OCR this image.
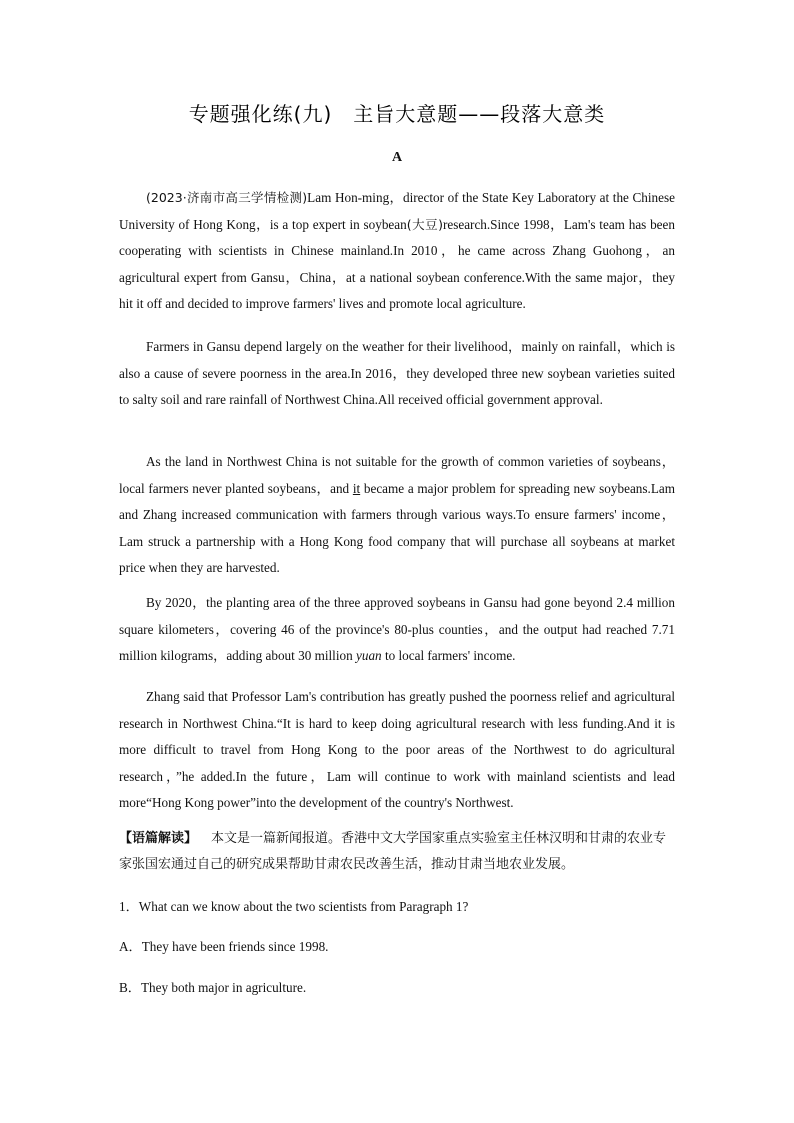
专题强化练(九)　主旨大意题——段落大意类
A

(2023·济南市高三学情检测)Lam Hon-ming，director of the State Key Laboratory at the Chinese University of Hong Kong，is a top expert in soybean(大豆)research.Since 1998，Lam's team has been cooperating with scientists in Chinese mainland.In 2010，he came across Zhang Guohong，an agricultural expert from Gansu，China，at a national soybean conference.With the same major，they hit it off and decided to improve farmers' lives and promote local agriculture.

Farmers in Gansu depend largely on the weather for their livelihood，mainly on rainfall，which is also a cause of severe poorness in the area.In 2016，they developed three new soybean varieties suited to salty soil and rare rainfall of Northwest China.All received official government approval.

As the land in Northwest China is not suitable for the growth of common varieties of soybeans，local farmers never planted soybeans，and it became a major problem for spreading new soybeans.Lam and Zhang increased communication with farmers through various ways.To ensure farmers' income，Lam struck a partnership with a Hong Kong food company that will purchase all soybeans at market price when they are harvested.

By 2020，the planting area of the three approved soybeans in Gansu had gone beyond 2.4 million square kilometers，covering 46 of the province's 80-plus counties，and the output had reached 7.71 million kilograms，adding about 30 million yuan to local farmers' income.

Zhang said that Professor Lam's contribution has greatly pushed the poorness relief and agricultural research in Northwest China.“It is hard to keep doing agricultural research with less funding.And it is more difficult to travel from Hong Kong to the poor areas of the Northwest to do agricultural research，”he added.In the future，Lam will continue to work with mainland scientists and lead more“Hong Kong power”into the development of the country's Northwest.

【语篇解读】 本文是一篇新闻报道。香港中文大学国家重点实验室主任林汉明和甘肃的农业专家张国宏通过自己的研究成果帮助甘肃农民改善生活，推动甘肃当地农业发展。

1．What can we know about the two scientists from Paragraph 1?

A．They have been friends since 1998.

B．They both major in agriculture.
